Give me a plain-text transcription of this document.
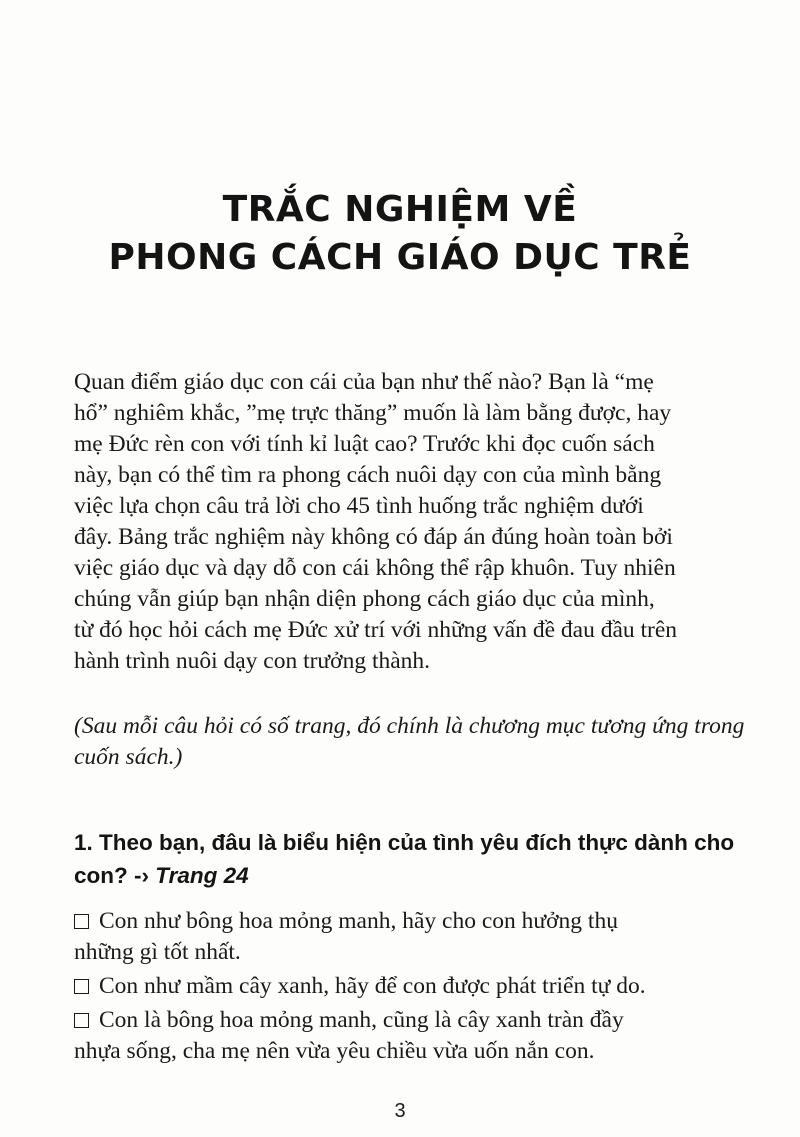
TRẮC NGHIỆM VỀ
PHONG CÁCH GIÁO DỤC TRẺ
Quan điểm giáo dục con cái của bạn như thế nào? Bạn là “mẹ
hổ” nghiêm khắc, ”mẹ trực thăng” muốn là làm bằng được, hay
mẹ Đức rèn con với tính kỉ luật cao? Trước khi đọc cuốn sách
này, bạn có thể tìm ra phong cách nuôi dạy con của mình bằng
việc lựa chọn câu trả lời cho 45 tình huống trắc nghiệm dưới
đây. Bảng trắc nghiệm này không có đáp án đúng hoàn toàn bởi
việc giáo dục và dạy dỗ con cái không thể rập khuôn. Tuy nhiên
chúng vẫn giúp bạn nhận diện phong cách giáo dục của mình,
từ đó học hỏi cách mẹ Đức xử trí với những vấn đề đau đầu trên
hành trình nuôi dạy con trưởng thành.
(Sau mỗi câu hỏi có số trang, đó chính là chương mục tương ứng trong
cuốn sách.)
1. Theo bạn, đâu là biểu hiện của tình yêu đích thực dành cho
con? -› Trang 24
Con như bông hoa mỏng manh, hãy cho con hưởng thụ
những gì tốt nhất.
Con như mầm cây xanh, hãy để con được phát triển tự do.
Con là bông hoa mỏng manh, cũng là cây xanh tràn đầy
nhựa sống, cha mẹ nên vừa yêu chiều vừa uốn nắn con.
3
